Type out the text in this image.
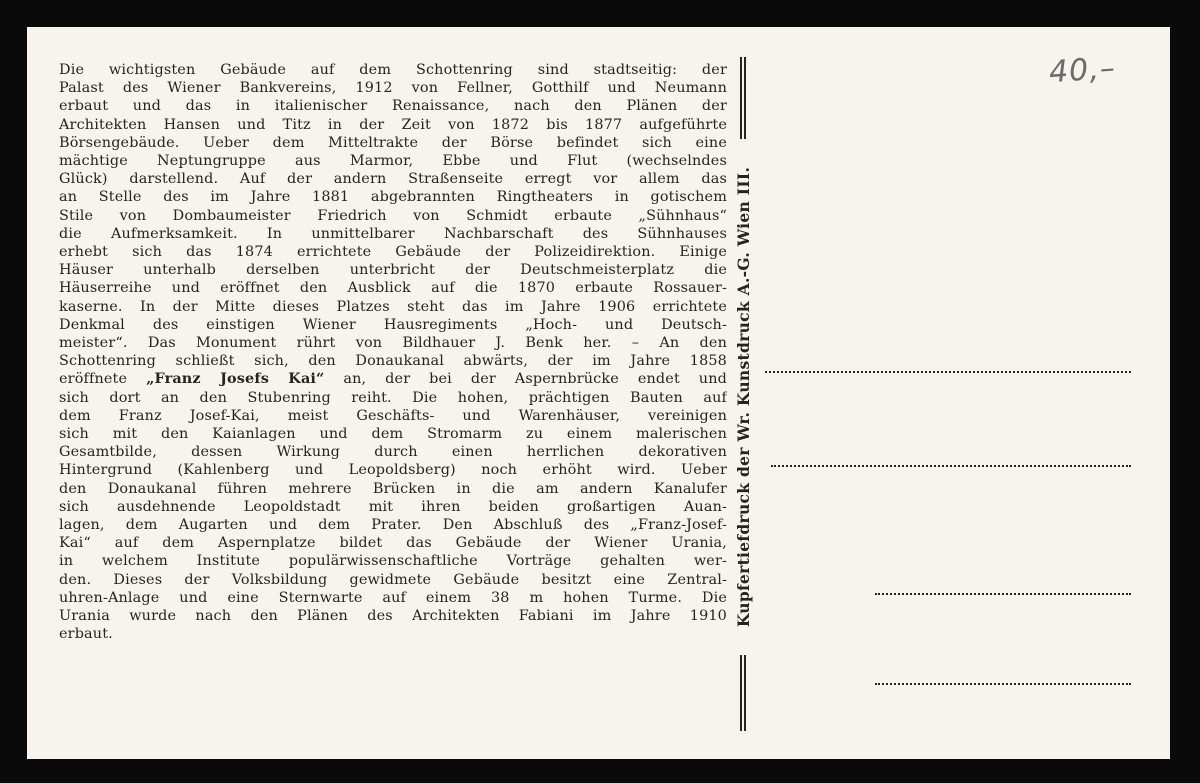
Die wichtigsten Gebäude auf dem Schottenring sind stadtseitig: der
Palast des Wiener Bankvereins, 1912 von Fellner, Gotthilf und Neumann
erbaut und das in italienischer Renaissance, nach den Plänen der
Architekten Hansen und Titz in der Zeit von 1872 bis 1877 aufgeführte
Börsengebäude. Ueber dem Mitteltrakte der Börse befindet sich eine
mächtige Neptungruppe aus Marmor, Ebbe und Flut (wechselndes
Glück) darstellend. Auf der andern Straßenseite erregt vor allem das
an Stelle des im Jahre 1881 abgebrannten Ringtheaters in gotischem
Stile von Dombaumeister Friedrich von Schmidt erbaute „Sühnhaus“
die Aufmerksamkeit. In unmittelbarer Nachbarschaft des Sühnhauses
erhebt sich das 1874 errichtete Gebäude der Polizeidirektion. Einige
Häuser unterhalb derselben unterbricht der Deutschmeisterplatz die
Häuserreihe und eröffnet den Ausblick auf die 1870 erbaute Rossauer-
kaserne. In der Mitte dieses Platzes steht das im Jahre 1906 errichtete
Denkmal des einstigen Wiener Hausregiments „Hoch- und Deutsch-
meister“. Das Monument rührt von Bildhauer J. Benk her. – An den
Schottenring schließt sich, den Donaukanal abwärts, der im Jahre 1858
eröffnete „Franz Josefs Kai“ an, der bei der Aspernbrücke endet und
sich dort an den Stubenring reiht. Die hohen, prächtigen Bauten auf
dem Franz Josef-Kai, meist Geschäfts- und Warenhäuser, vereinigen
sich mit den Kaianlagen und dem Stromarm zu einem malerischen
Gesamtbilde, dessen Wirkung durch einen herrlichen dekorativen
Hintergrund (Kahlenberg und Leopoldsberg) noch erhöht wird. Ueber
den Donaukanal führen mehrere Brücken in die am andern Kanalufer
sich ausdehnende Leopoldstadt mit ihren beiden großartigen Auan-
lagen, dem Augarten und dem Prater. Den Abschluß des „Franz-Josef-
Kai“ auf dem Aspernplatze bildet das Gebäude der Wiener Urania,
in welchem Institute populärwissenschaftliche Vorträge gehalten wer-
den. Dieses der Volksbildung gewidmete Gebäude besitzt eine Zentral-
uhren-Anlage und eine Sternwarte auf einem 38 m hohen Turme. Die
Urania wurde nach den Plänen des Architekten Fabiani im Jahre 1910
erbaut.
Kupfertiefdruck der Wr. Kunstdruck A.-G. Wien III.
40,–
